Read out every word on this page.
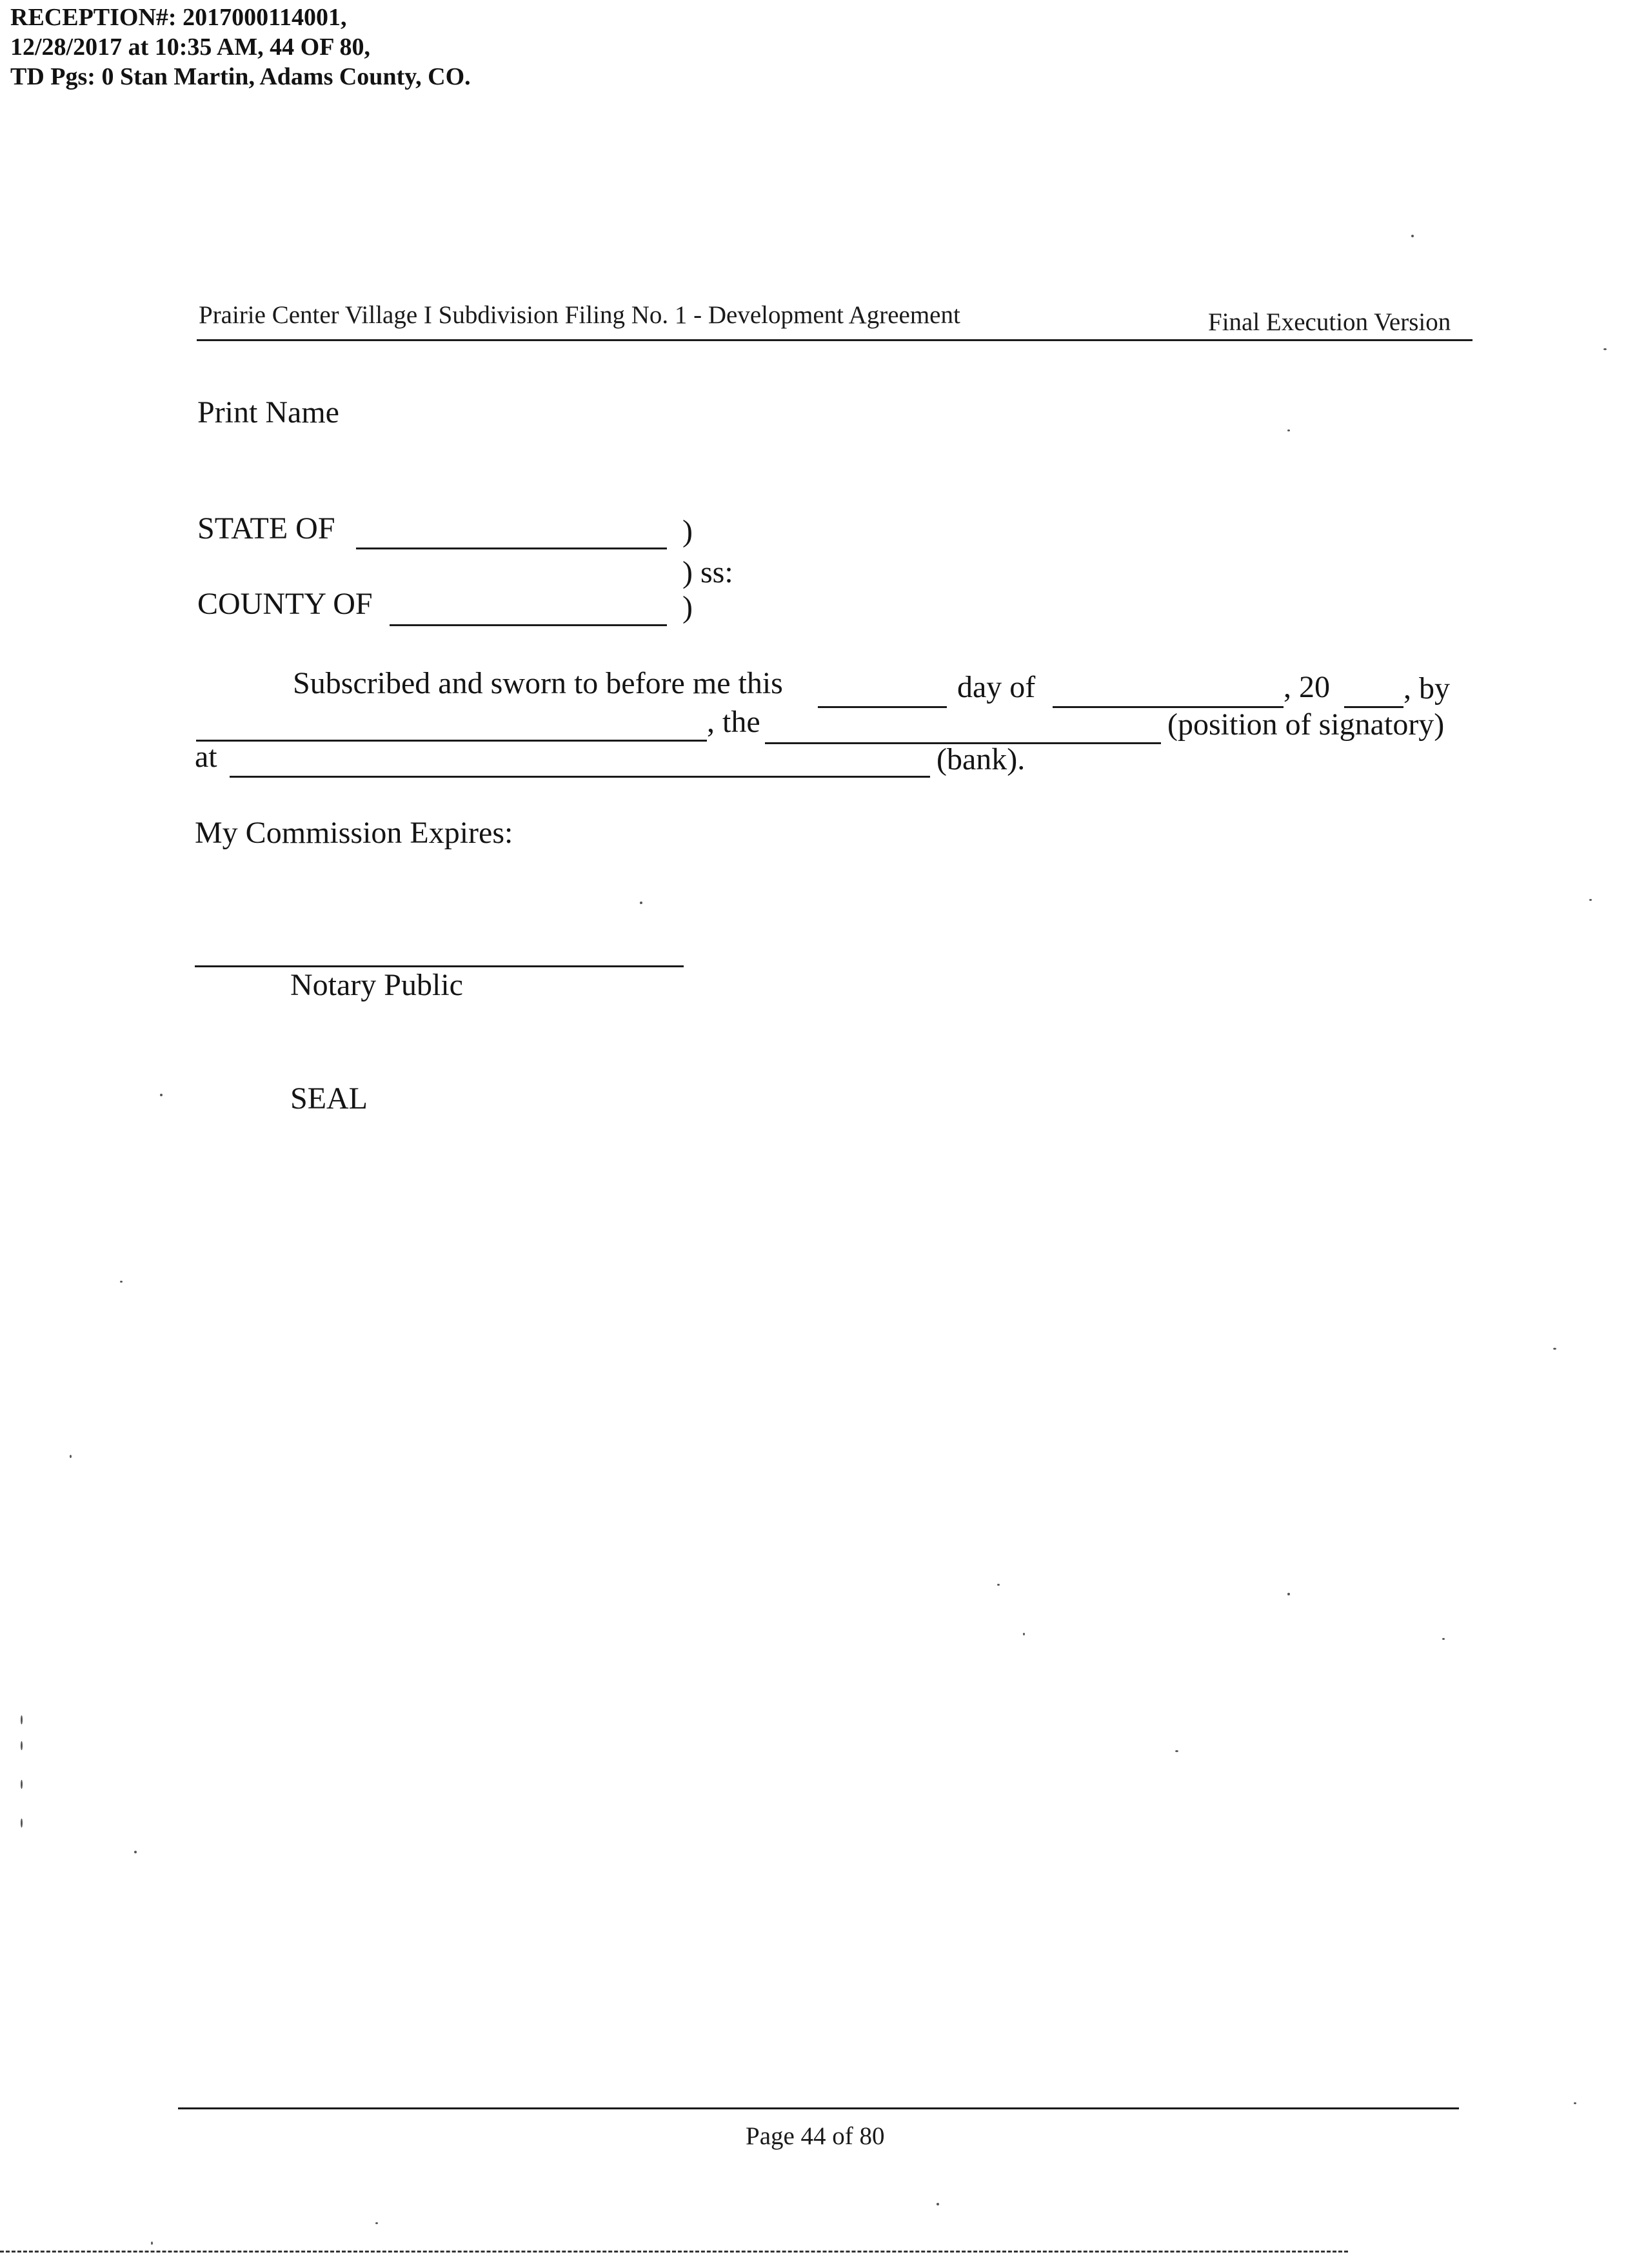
RECEPTION#: 2017000114001,
12/28/2017 at 10:35 AM, 44 OF 80,
TD Pgs: 0 Stan Martin, Adams County, CO.
Prairie Center Village I Subdivision Filing No. 1 - Development Agreement	Final Execution Version
Print Name
STATE OF	)
) ss:
COUNTY OF	)
Subscribed and sworn to before me this	day of	, 20 , by
, the	(position of signatory)
at	(bank).
My Commission Expires:
Notary Public
SEAL
Page 44 of 80
